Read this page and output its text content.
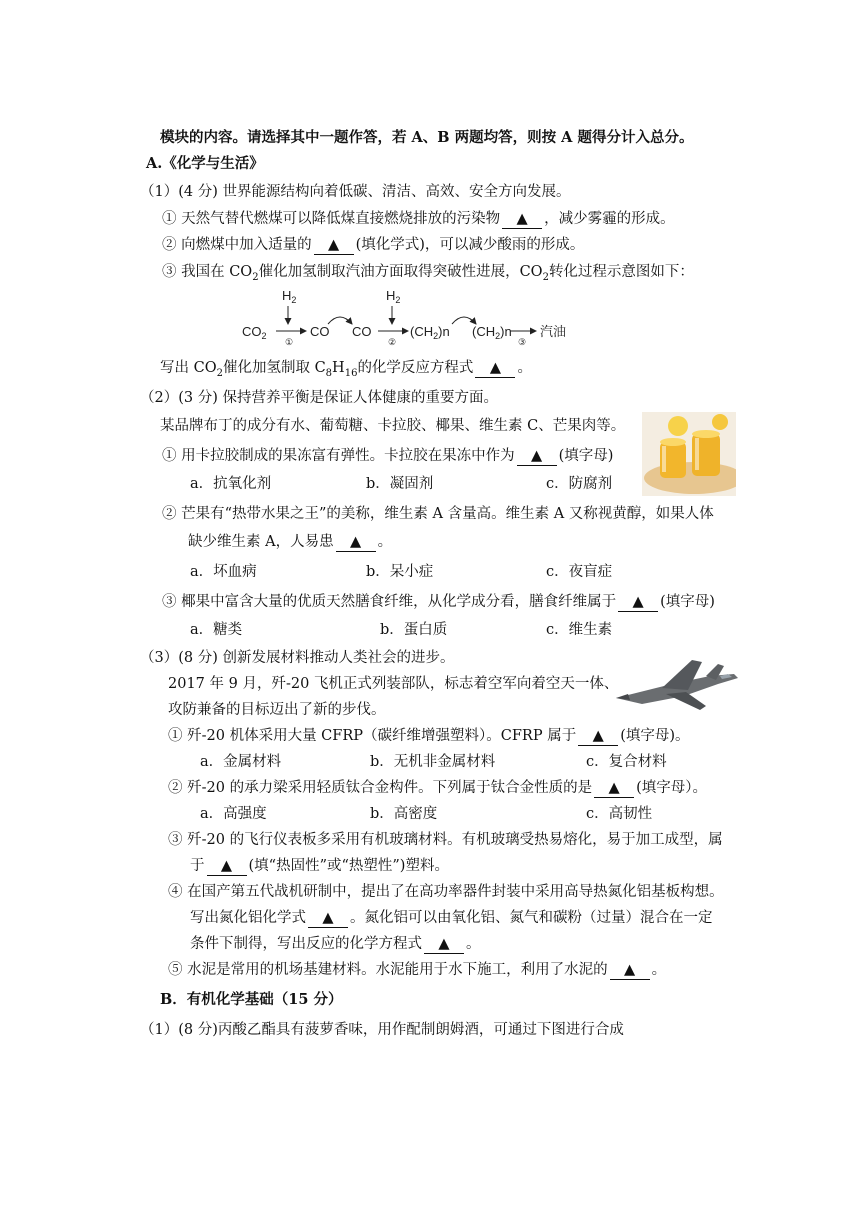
模块的内容。请选择其中一题作答，若 A、B 两题均答，则按 A 题得分计入总分。
A.《化学与生活》
（1）(4 分) 世界能源结构向着低碳、清洁、高效、安全方向发展。
① 天然气替代燃煤可以降低煤直接燃烧排放的污染物 ▲ ，减少雾霾的形成。
② 向燃煤中加入适量的 ▲ (填化学式)，可以减少酸雨的形成。
③ 我国在 $CO_2$催化加氢制取汽油方面取得突破性进展，$CO_2$转化过程示意图如下：
$CO_2$
$H_2$
①
CO CO
$H_2$
②
$(CH_2)n$ $(CH_2)n$
③
汽油
写出 $CO_2$催化加氢制取 $C_8H_{16}$的化学反应方程式 ▲ 。
（2）(3 分) 保持营养平衡是保证人体健康的重要方面。
某品牌布丁的成分有水、葡萄糖、卡拉胶、椰果、维生素 C、芒果肉等。
① 用卡拉胶制成的果冻富有弹性。卡拉胶在果冻中作为 ▲ (填字母)
a．抗氧化剂	b．凝固剂	c．防腐剂
② 芒果有“热带水果之王”的美称，维生素 A 含量高。维生素 A 又称视黄醇，如果人体
缺少维生素 A，人易患 ▲ 。
a．坏血病	b．呆小症	c．夜盲症
③ 椰果中富含大量的优质天然膳食纤维，从化学成分看，膳食纤维属于 ▲ (填字母)
a．糖类	b．蛋白质	c．维生素
（3）(8 分) 创新发展材料推动人类社会的进步。
2017 年 9 月，歼-20 飞机正式列装部队，标志着空军向着空天一体、
攻防兼备的目标迈出了新的步伐。
① 歼-20 机体采用大量 CFRP（碳纤维增强塑料）。CFRP 属于 ▲ (填字母)。
a．金属材料	b．无机非金属材料	c．复合材料
② 歼-20 的承力梁采用轻质钛合金构件。下列属于钛合金性质的是 ▲ (填字母）。
a．高强度	b．高密度	c．高韧性
③ 歼-20 的飞行仪表板多采用有机玻璃材料。有机玻璃受热易熔化，易于加工成型，属
于 ▲ (填“热固性”或“热塑性”)塑料。
④ 在国产第五代战机研制中，提出了在高功率器件封装中采用高导热氮化铝基板构想。
写出氮化铝化学式 ▲ 。氮化铝可以由氧化铝、氮气和碳粉（过量）混合在一定
条件下制得，写出反应的化学方程式 ▲ 。
⑤ 水泥是常用的机场基建材料。水泥能用于水下施工，利用了水泥的 ▲ 。
B．有机化学基础（15 分）
（1）(8 分)丙酸乙酯具有菠萝香味，用作配制朗姆酒，可通过下图进行合成
